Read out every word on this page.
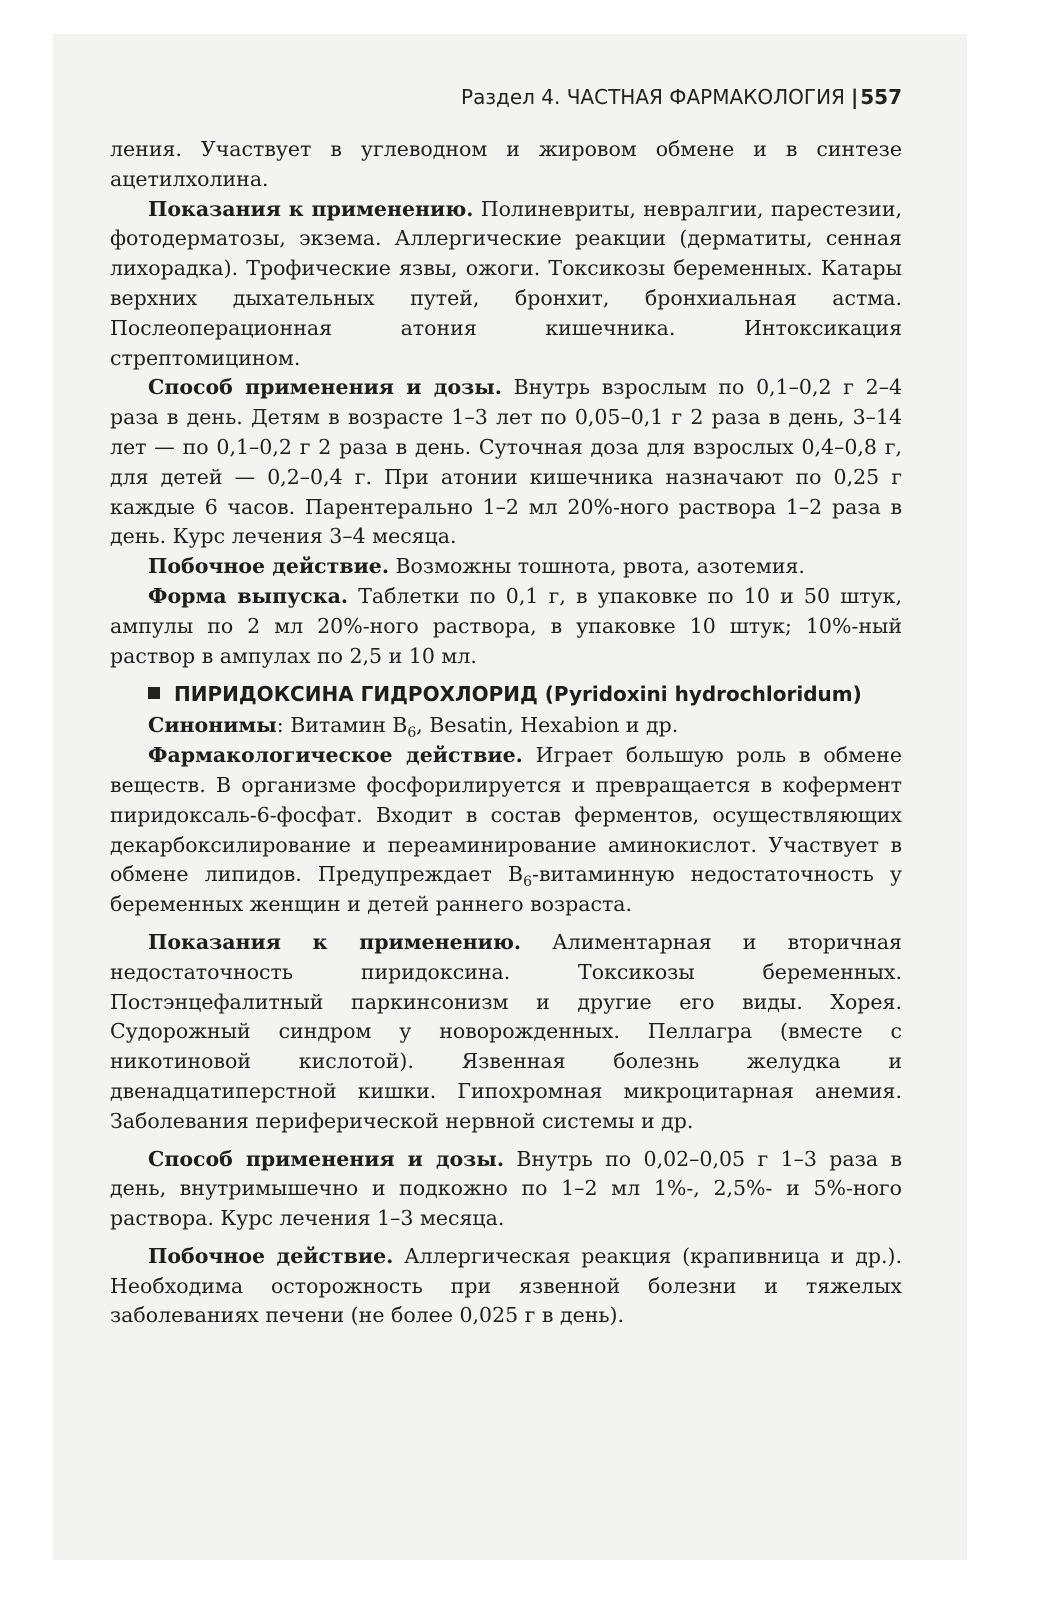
Раздел 4. ЧАСТНАЯ ФАРМАКОЛОГИЯ | 557

ления. Участвует в углеводном и жировом обмене и в синтезе ацетилхолина.

Показания к применению. Полиневриты, невралгии, парестезии, фотодерматозы, экзема. Аллергические реакции (дерматиты, сенная лихорадка). Трофические язвы, ожоги. Токсикозы беременных. Катары верхних дыхательных путей, бронхит, бронхиальная астма. Послеоперационная атония кишечника. Интоксикация стрептомицином.

Способ применения и дозы. Внутрь взрослым по 0,1–0,2 г 2–4 раза в день. Детям в возрасте 1–3 лет по 0,05–0,1 г 2 раза в день, 3–14 лет — по 0,1–0,2 г 2 раза в день. Суточная доза для взрослых 0,4–0,8 г, для детей — 0,2–0,4 г. При атонии кишечника назначают по 0,25 г каждые 6 часов. Парентерально 1–2 мл 20%-ного раствора 1–2 раза в день. Курс лечения 3–4 месяца.

Побочное действие. Возможны тошнота, рвота, азотемия.

Форма выпуска. Таблетки по 0,1 г, в упаковке по 10 и 50 штук, ампулы по 2 мл 20%-ного раствора, в упаковке 10 штук; 10%-ный раствор в ампулах по 2,5 и 10 мл.

ПИРИДОКСИНА ГИДРОХЛОРИД (Pyridoxini hydrochloridum)

Синонимы: Витамин $B_6$, Besatin, Hexabion и др.

Фармакологическое действие. Играет большую роль в обмене веществ. В организме фосфорилируется и превращается в кофермент пиридоксаль-6-фосфат. Входит в состав ферментов, осуществляющих декарбоксилирование и переаминирование аминокислот. Участвует в обмене липидов. Предупреждает $B_6$-витаминную недостаточность у беременных женщин и детей раннего возраста.

Показания к применению. Алиментарная и вторичная недостаточность пиридоксина. Токсикозы беременных. Постэнцефалитный паркинсонизм и другие его виды. Хорея. Судорожный синдром у новорожденных. Пеллагра (вместе с никотиновой кислотой). Язвенная болезнь желудка и двенадцатиперстной кишки. Гипохромная микроцитарная анемия. Заболевания периферической нервной системы и др.

Способ применения и дозы. Внутрь по 0,02–0,05 г 1–3 раза в день, внутримышечно и подкожно по 1–2 мл 1%-, 2,5%- и 5%-ного раствора. Курс лечения 1–3 месяца.

Побочное действие. Аллергическая реакция (крапивница и др.). Необходима осторожность при язвенной болезни и тяжелых заболеваниях печени (не более 0,025 г в день).
